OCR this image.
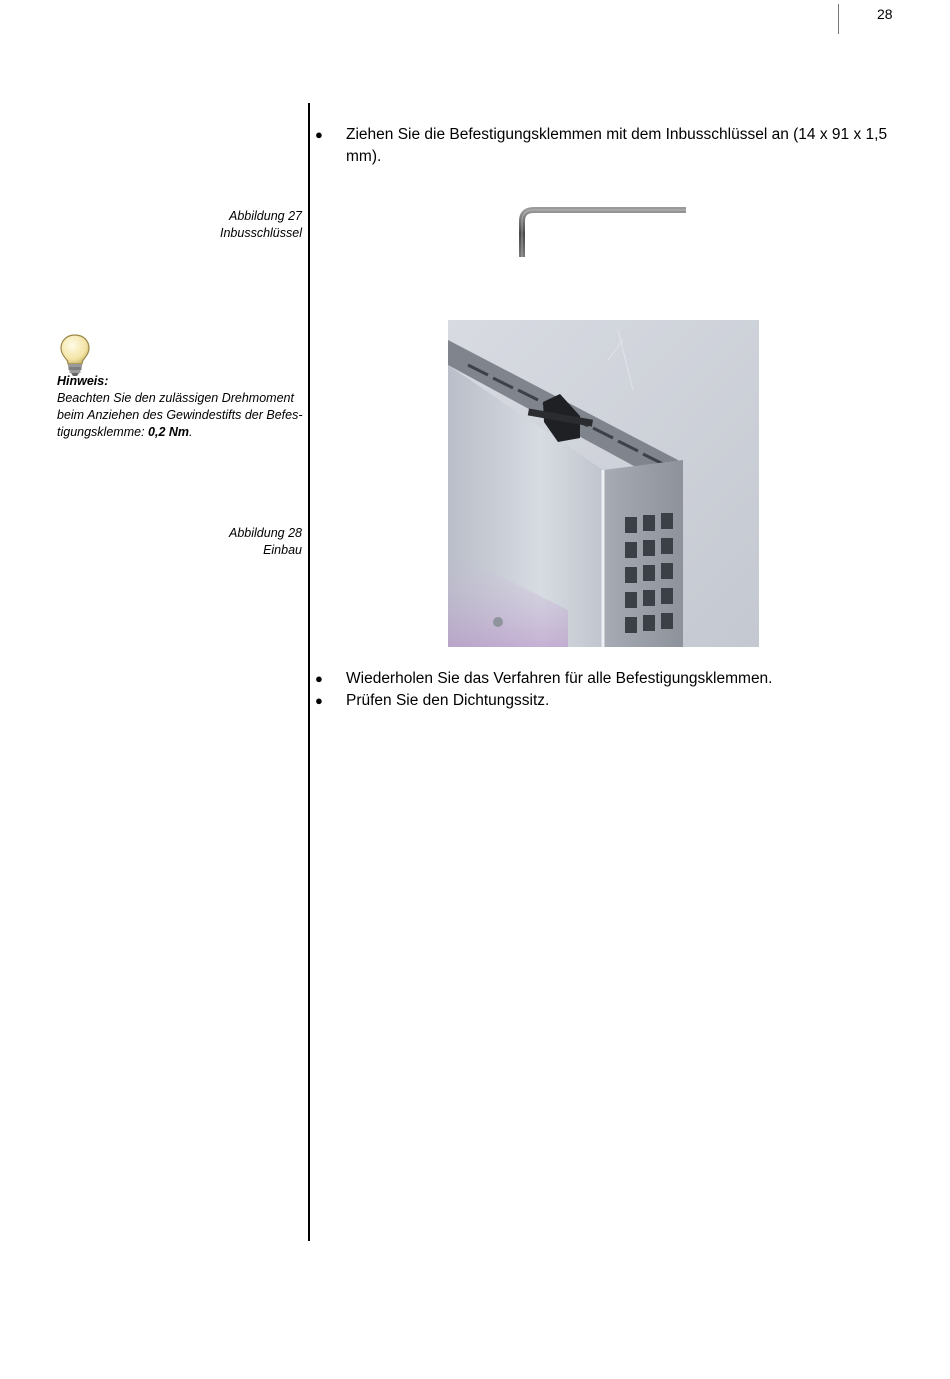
28
● Ziehen Sie die Befestigungsklemmen mit dem Inbusschlüssel an (14 x 91 x 1,5 mm).
Abbildung 27
Inbusschlüssel
Hinweis:
Beachten Sie den zulässigen Drehmoment beim Anziehen des Gewindestifts der Befes-tigungsklemme: 0,2 Nm.
Abbildung 28
Einbau
● Wiederholen Sie das Verfahren für alle Befestigungsklemmen.
● Prüfen Sie den Dichtungssitz.
